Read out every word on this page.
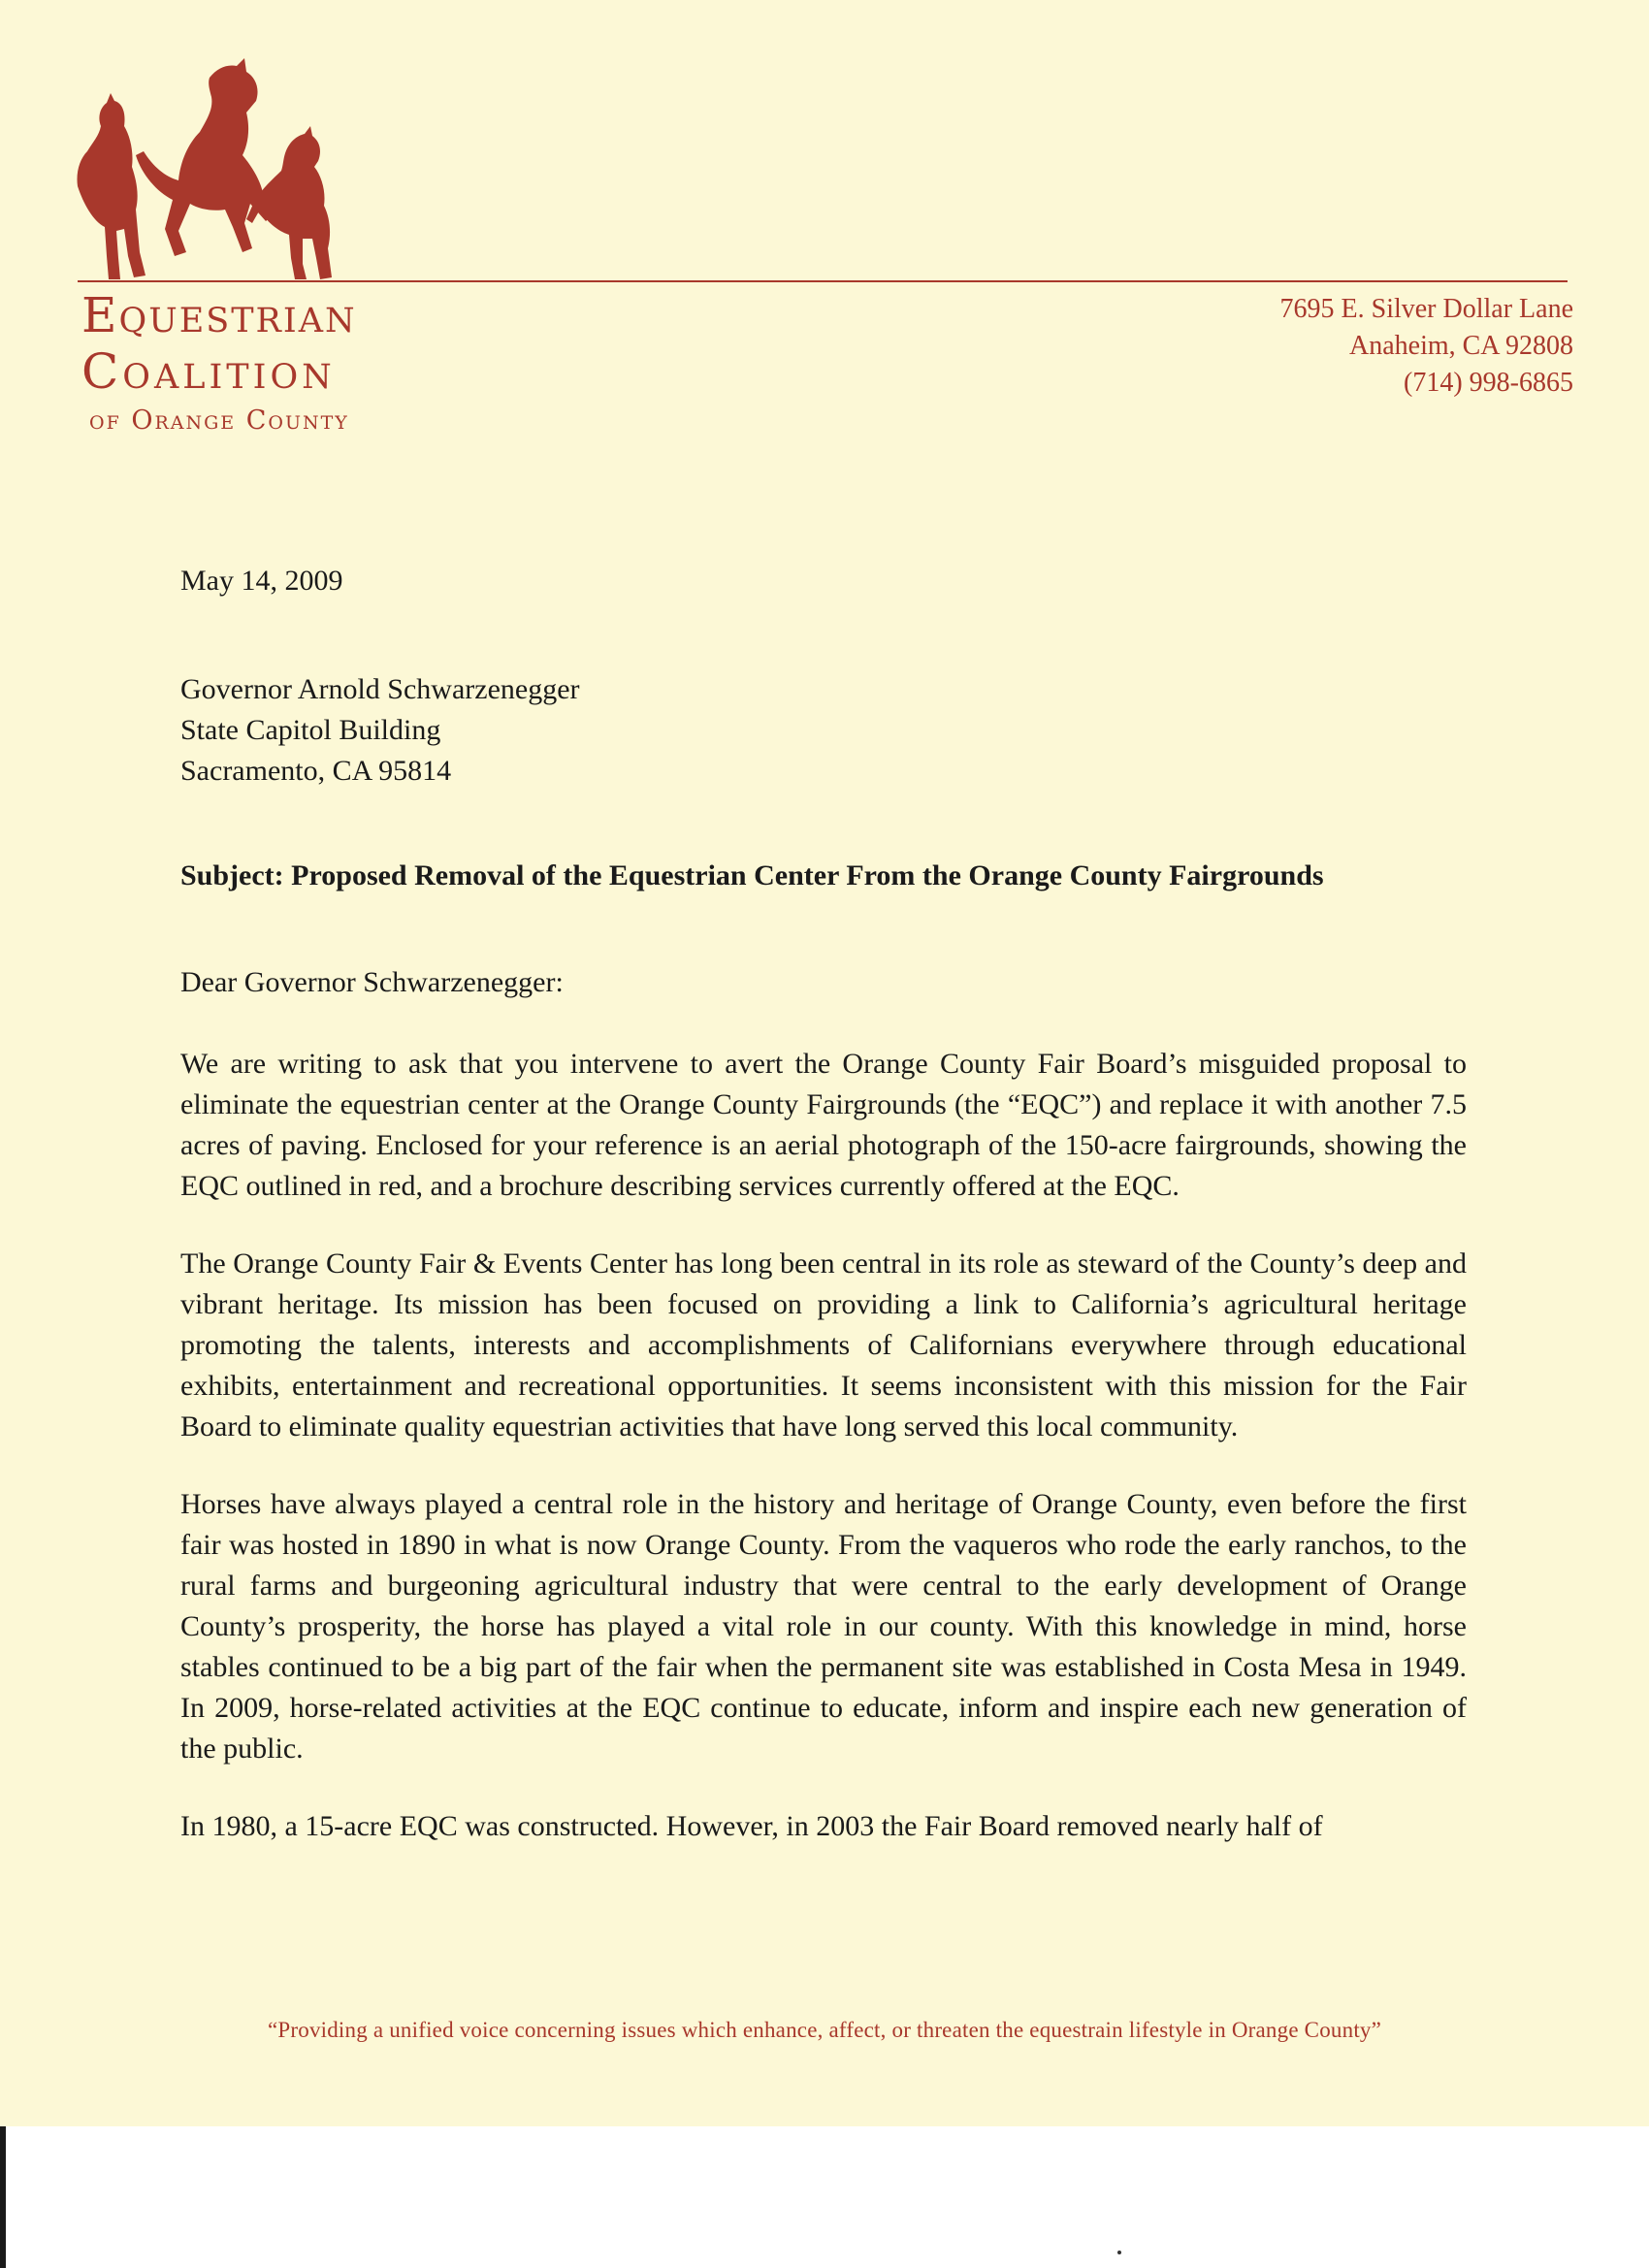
Equestrian
Coalition
of Orange County
7695 E. Silver Dollar Lane
Anaheim, CA 92808
(714) 998-6865

May 14, 2009

Governor Arnold Schwarzenegger
State Capitol Building
Sacramento, CA 95814

Subject: Proposed Removal of the Equestrian Center From the Orange County Fairgrounds

Dear Governor Schwarzenegger:

We are writing to ask that you intervene to avert the Orange County Fair Board’s misguided proposal to eliminate the equestrian center at the Orange County Fairgrounds (the “EQC”) and replace it with another 7.5 acres of paving. Enclosed for your reference is an aerial photograph of the 150-acre fairgrounds, showing the EQC outlined in red, and a brochure describing services currently offered at the EQC.

The Orange County Fair & Events Center has long been central in its role as steward of the County’s deep and vibrant heritage. Its mission has been focused on providing a link to California’s agricultural heritage promoting the talents, interests and accomplishments of Californians everywhere through educational exhibits, entertainment and recreational opportunities. It seems inconsistent with this mission for the Fair Board to eliminate quality equestrian activities that have long served this local community.

Horses have always played a central role in the history and heritage of Orange County, even before the first fair was hosted in 1890 in what is now Orange County. From the vaqueros who rode the early ranchos, to the rural farms and burgeoning agricultural industry that were central to the early development of Orange County’s prosperity, the horse has played a vital role in our county. With this knowledge in mind, horse stables continued to be a big part of the fair when the permanent site was established in Costa Mesa in 1949. In 2009, horse-related activities at the EQC continue to educate, inform and inspire each new generation of the public.

In 1980, a 15-acre EQC was constructed. However, in 2003 the Fair Board removed nearly half of

“Providing a unified voice concerning issues which enhance, affect, or threaten the equestrain lifestyle in Orange County”
